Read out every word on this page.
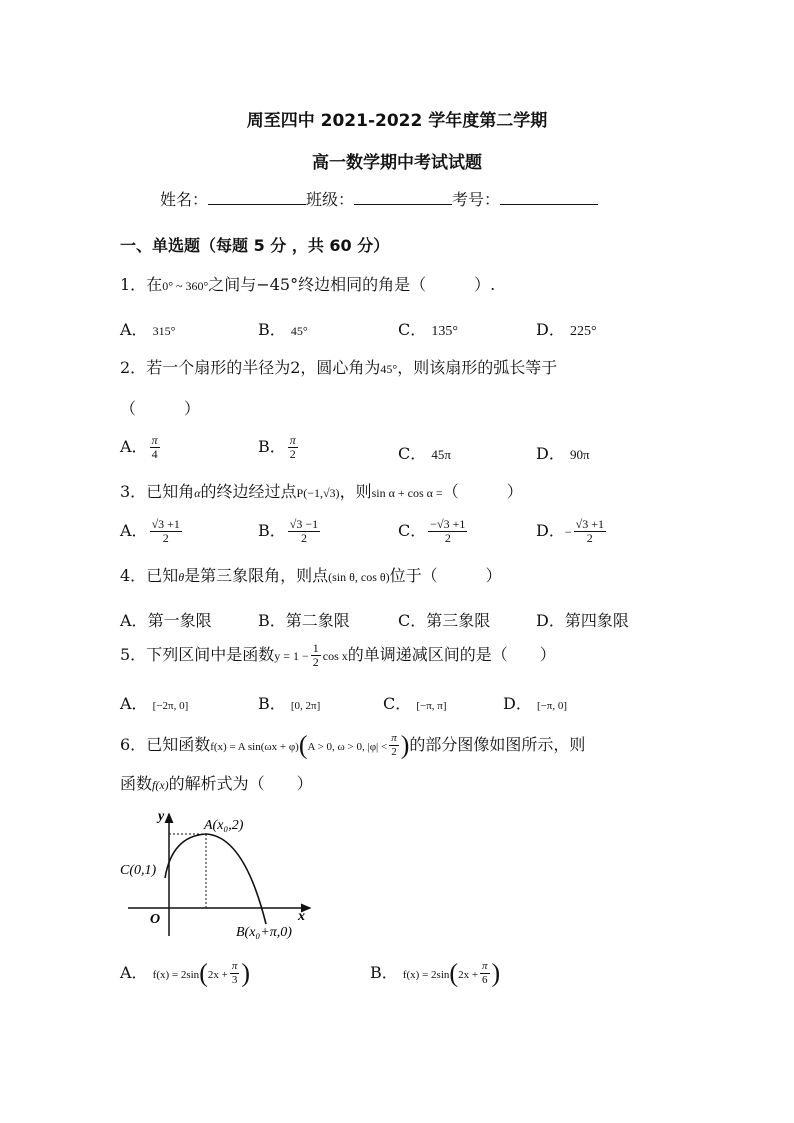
周至四中 2021-2022 学年度第二学期
高一数学期中考试试题
姓名：	班级：	考号：
一、单选题（每题 5 分 ，共 60 分）
1．在0° ~ 360°之间与−45°终边相同的角是（　　　）.
A． 315°	B． 45°	C． 135°	D． 225°
2．若一个扇形的半径为2，圆心角为45°，则该扇形的弧长等于
（　　　）
A． $\frac{\pi}{4}$	B． $\frac{\pi}{2}$	C． 45π	D． 90π
3．已知角α的终边经过点P(−1,√3)，则sin α + cos α =（　　　）
A． $\frac{√3 +1}{2}$	B． $\frac{√3 -1}{2}$	C． $\frac{-√3 +1}{2}$	D．− $\frac{√3 +1}{2}$
4．已知θ是第三象限角，则点(sin θ, cos θ)位于（　　　）
A．第一象限	B．第二象限	C．第三象限	D．第四象限
5．下列区间中是函数$y = 1 - \frac{1}{2}$ cos x的单调递减区间的是（　　）
A． [−2π, 0]	B． [0, 2π]	C． [−π, π]	D． [−π, 0]
6．已知函数f(x) = A sin(ωx + φ)(A > 0, ω > 0, $|\varphi| < \frac{\pi}{2}$ )的部分图像如图所示，则
函数f(x)的解析式为（　　）
y
x
O
A(x₀,2)
C(0,1)
B(x₀+π,0)
A． $f(x) = 2\sin(2x + \frac{\pi}{3}$ )	B． $f(x) = 2\sin(2x + \frac{\pi}{6}$ )
